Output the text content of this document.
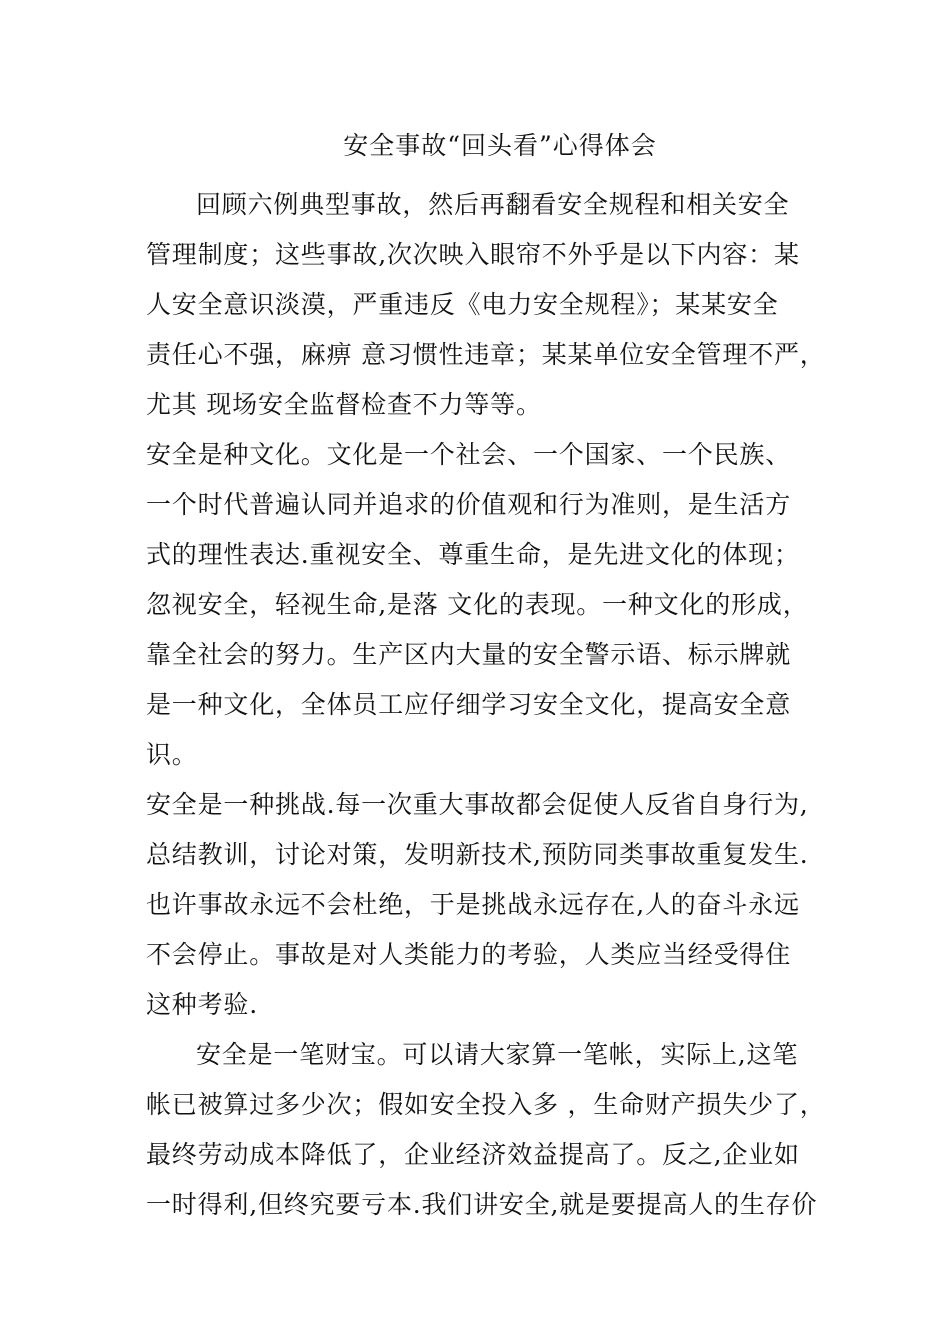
安全事故“回头看”心得体会
回顾六例典型事故，然后再翻看安全规程和相关安全
管理制度；这些事故,次次映入眼帘不外乎是以下内容：某
人安全意识淡漠，严重违反《电力安全规程》；某某安全
责任心不强，麻痹 意习惯性违章；某某单位安全管理不严，
尤其 现场安全监督检查不力等等。
安全是种文化。文化是一个社会、一个国家、一个民族、
一个时代普遍认同并追求的价值观和行为准则，是生活方
式的理性表达.重视安全、尊重生命，是先进文化的体现；
忽视安全，轻视生命,是落 文化的表现。一种文化的形成，
靠全社会的努力。生产区内大量的安全警示语、标示牌就
是一种文化，全体员工应仔细学习安全文化，提高安全意
识。
安全是一种挑战.每一次重大事故都会促使人反省自身行为,
总结教训，讨论对策，发明新技术,预防同类事故重复发生.
也许事故永远不会杜绝，于是挑战永远存在,人的奋斗永远
不会停止。事故是对人类能力的考验，人类应当经受得住
这种考验.
安全是一笔财宝。可以请大家算一笔帐，实际上,这笔
帐已被算过多少次；假如安全投入多 ，生命财产损失少了，
最终劳动成本降低了，企业经济效益提高了。反之,企业如
一时得利,但终究要亏本.我们讲安全,就是要提高人的生存价
